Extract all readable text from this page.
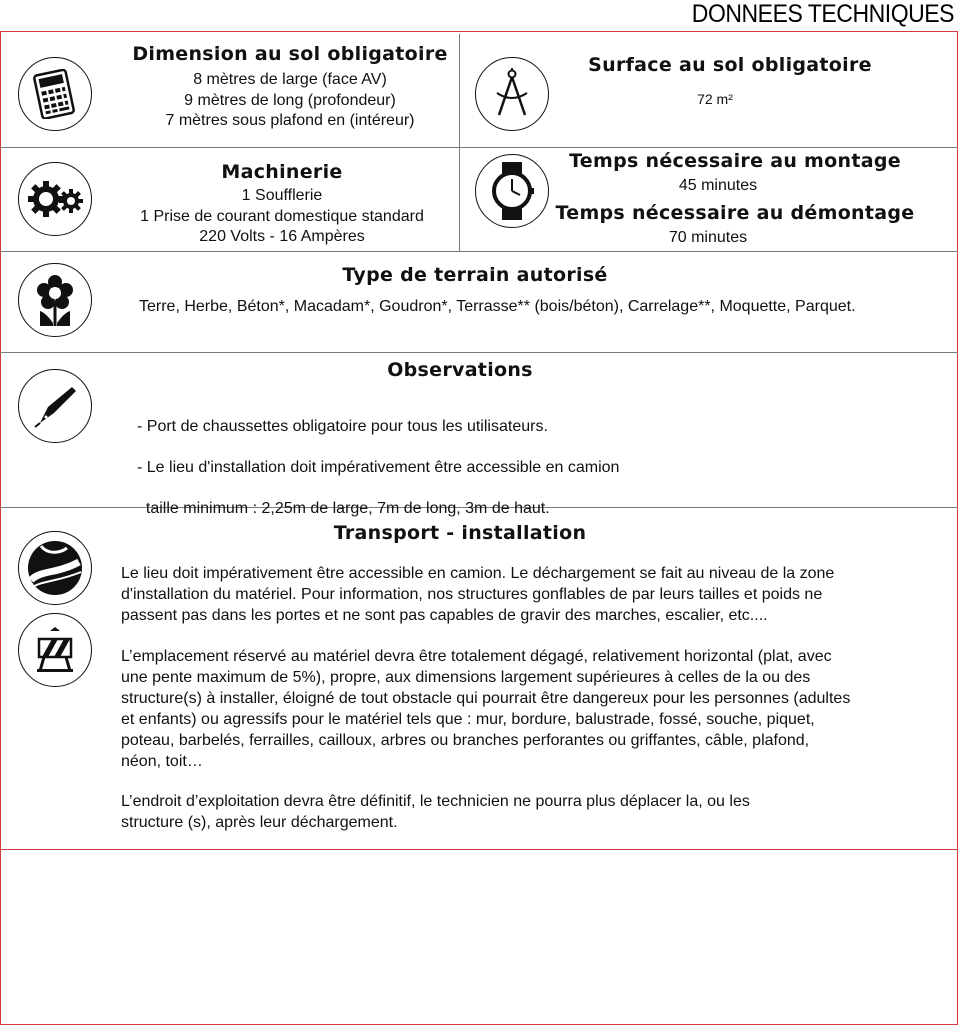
DONNEES TECHNIQUES
Dimension au sol obligatoire
8 mètres de large (face AV)
9 mètres de long (profondeur)
7 mètres sous plafond en (intéreur)
Surface au sol obligatoire
72 m²
Machinerie
1 Soufflerie
1 Prise de courant domestique standard
220 Volts - 16 Ampères
Temps nécessaire au montage
45 minutes
Temps nécessaire au démontage
70 minutes
Type de terrain autorisé
Terre, Herbe, Béton*, Macadam*, Goudron*, Terrasse** (bois/béton), Carrelage**, Moquette, Parquet.
Observations

- Port de chaussettes obligatoire pour tous les utilisateurs.

- Le lieu d'installation doit impérativement être accessible en camion

taille minimum : 2,25m de large, 7m de long, 3m de haut.

Transport - installation
Le lieu doit impérativement être accessible en camion. Le déchargement se fait au niveau de la zone
d'installation du matériel. Pour information, nos structures gonflables de par leurs tailles et poids ne
passent pas dans les portes et ne sont pas capables de gravir des marches, escalier, etc....
L’emplacement réservé au matériel devra être totalement dégagé, relativement horizontal (plat, avec
une pente maximum de 5%), propre, aux dimensions largement supérieures à celles de la ou des
structure(s) à installer, éloigné de tout obstacle qui pourrait être dangereux pour les personnes (adultes
et enfants) ou agressifs pour le matériel tels que : mur, bordure, balustrade, fossé, souche, piquet,
poteau, barbelés, ferrailles, cailloux, arbres ou branches perforantes ou griffantes, câble, plafond,
néon, toit…
L’endroit d’exploitation devra être définitif, le technicien ne pourra plus déplacer la, ou les
structure (s), après leur déchargement.
